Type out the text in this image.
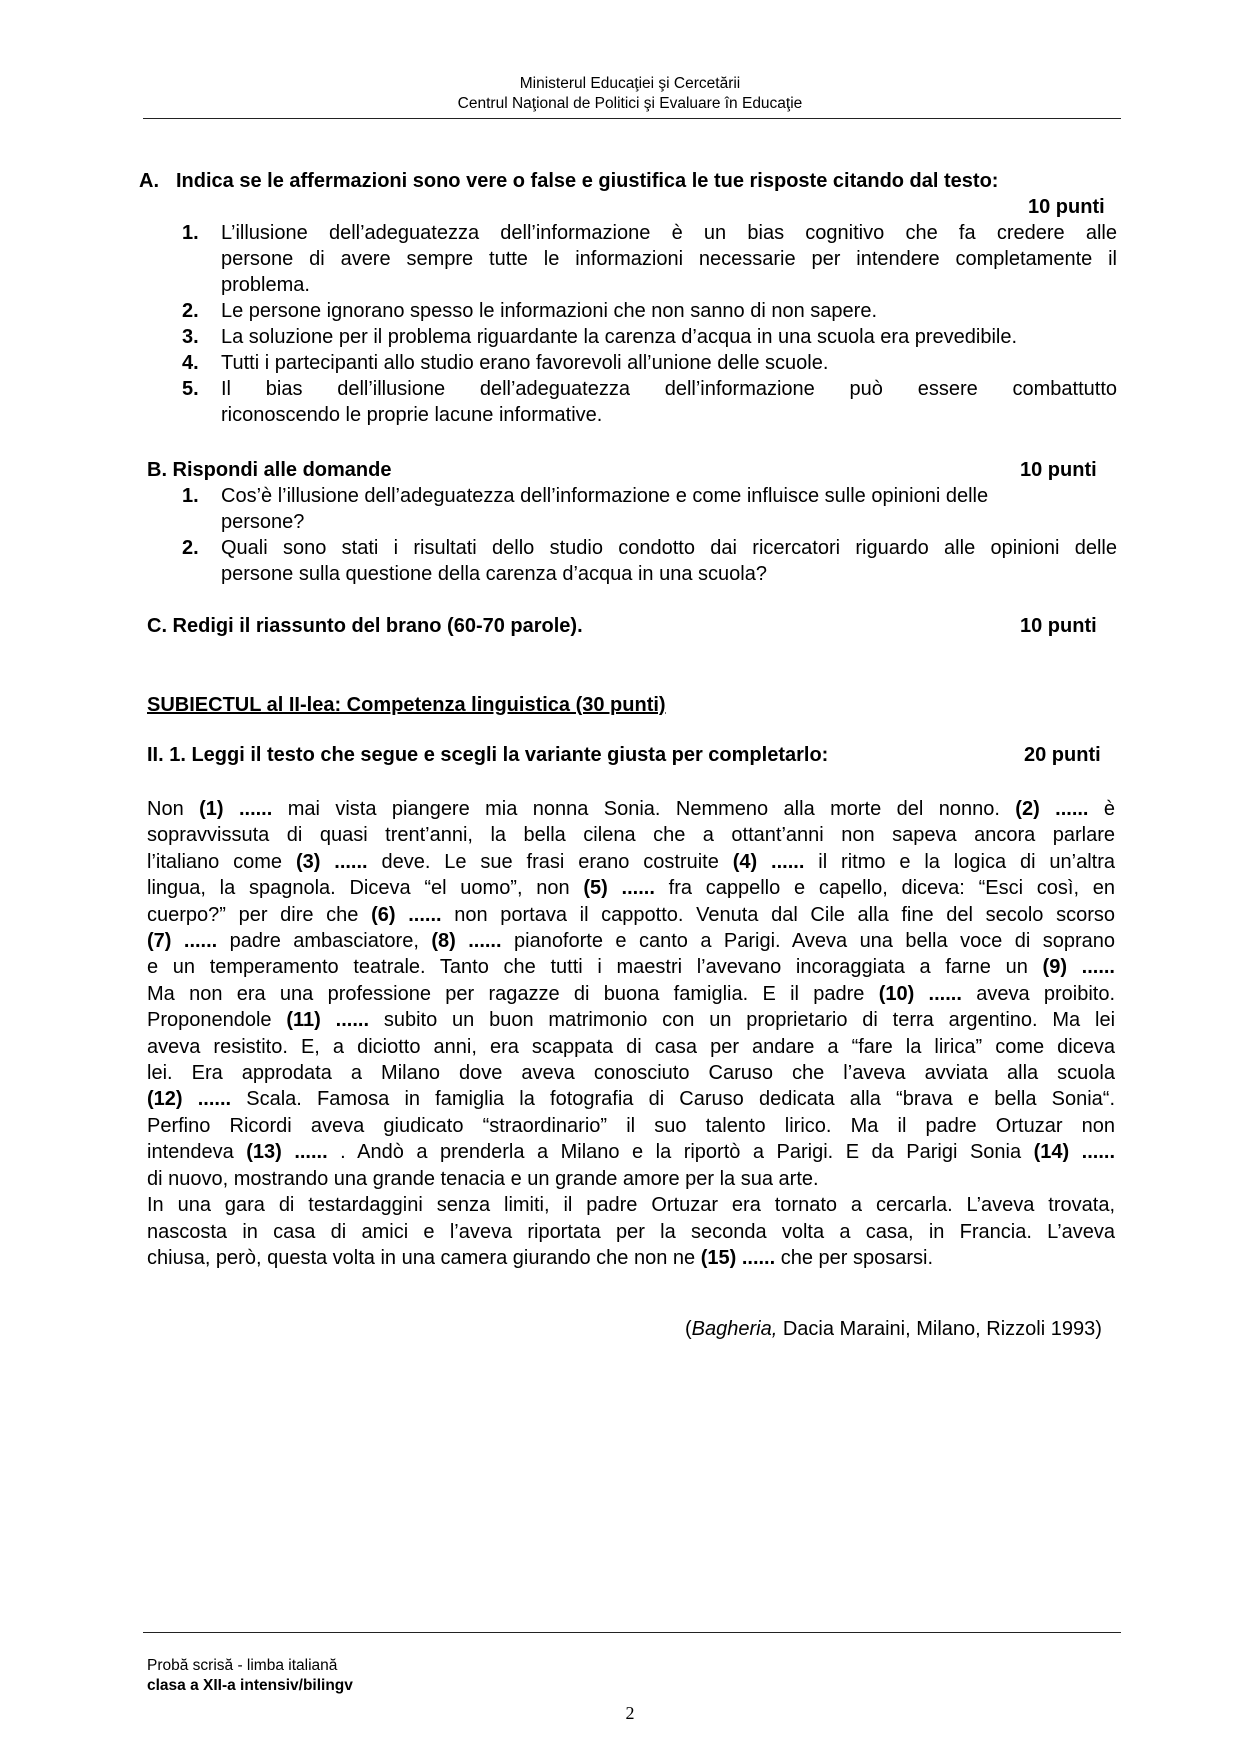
Ministerul Educaţiei şi Cercetării
Centrul Naţional de Politici şi Evaluare în Educaţie
A. Indica se le affermazioni sono vere o false e giustifica le tue risposte citando dal testo:
10 punti
1. L’illusione dell’adeguatezza dell’informazione è un bias cognitivo che fa credere alle
persone di avere sempre tutte le informazioni necessarie per intendere completamente il
problema.
2. Le persone ignorano spesso le informazioni che non sanno di non sapere.
3. La soluzione per il problema riguardante la carenza d’acqua in una scuola era prevedibile.
4. Tutti i partecipanti allo studio erano favorevoli all’unione delle scuole.
5. Il bias dell’illusione dell’adeguatezza dell’informazione può essere combattutto
riconoscendo le proprie lacune informative.
B. Rispondi alle domande	10 punti
1. Cos’è l’illusione dell’adeguatezza dell’informazione e come influisce sulle opinioni delle
persone?
2. Quali sono stati i risultati dello studio condotto dai ricercatori riguardo alle opinioni delle
persone sulla questione della carenza d’acqua in una scuola?
C. Redigi il riassunto del brano (60-70 parole).	10 punti
SUBIECTUL al II-lea: Competenza linguistica (30 punti)
II. 1. Leggi il testo che segue e scegli la variante giusta per completarlo:	20 punti
Non (1) ...... mai vista piangere mia nonna Sonia. Nemmeno alla morte del nonno. (2) ...... è
sopravvissuta di quasi trent’anni, la bella cilena che a ottant’anni non sapeva ancora parlare
l’italiano come (3) ...... deve. Le sue frasi erano costruite (4) ...... il ritmo e la logica di un’altra
lingua, la spagnola. Diceva “el uomo”, non (5) ...... fra cappello e capello, diceva: “Esci così, en
cuerpo?” per dire che (6) ...... non portava il cappotto. Venuta dal Cile alla fine del secolo scorso
(7) ...... padre ambasciatore, (8) ...... pianoforte e canto a Parigi. Aveva una bella voce di soprano
e un temperamento teatrale. Tanto che tutti i maestri l’avevano incoraggiata a farne un (9) ......
Ma non era una professione per ragazze di buona famiglia. E il padre (10) ...... aveva proibito.
Proponendole (11) ...... subito un buon matrimonio con un proprietario di terra argentino. Ma lei
aveva resistito. E, a diciotto anni, era scappata di casa per andare a “fare la lirica” come diceva
lei. Era approdata a Milano dove aveva conosciuto Caruso che l’aveva avviata alla scuola
(12) ...... Scala. Famosa in famiglia la fotografia di Caruso dedicata alla “brava e bella Sonia“.
Perfino Ricordi aveva giudicato “straordinario” il suo talento lirico. Ma il padre Ortuzar non
intendeva (13) ...... . Andò a prenderla a Milano e la riportò a Parigi. E da Parigi Sonia (14) ......
di nuovo, mostrando una grande tenacia e un grande amore per la sua arte.
In una gara di testardaggini senza limiti, il padre Ortuzar era tornato a cercarla. L’aveva trovata,
nascosta in casa di amici e l’aveva riportata per la seconda volta a casa, in Francia. L’aveva
chiusa, però, questa volta in una camera giurando che non ne (15) ...... che per sposarsi.
(Bagheria, Dacia Maraini, Milano, Rizzoli 1993)
Probă scrisă - limba italiană
clasa a XII-a intensiv/bilingv
2
